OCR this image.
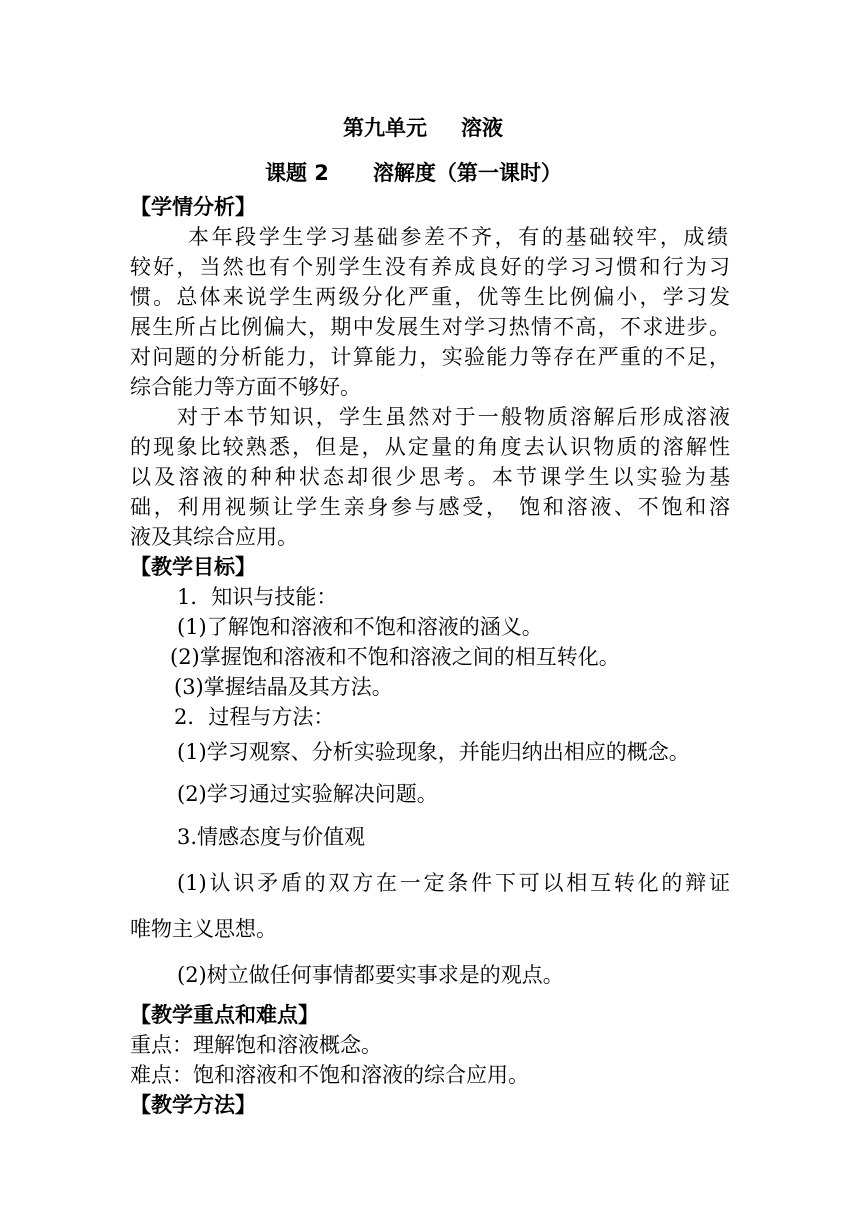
第九单元 溶液
课题 2 溶解度（第一课时）
【学情分析】
本年段学生学习基础参差不齐，有的基础较牢，成绩
较好，当然也有个别学生没有养成良好的学习习惯和行为习
惯。总体来说学生两级分化严重，优等生比例偏小，学习发
展生所占比例偏大，期中发展生对学习热情不高，不求进步。
对问题的分析能力，计算能力，实验能力等存在严重的不足，
综合能力等方面不够好。
对于本节知识，学生虽然对于一般物质溶解后形成溶液
的现象比较熟悉，但是，从定量的角度去认识物质的溶解性
以及溶液的种种状态却很少思考。本节课学生以实验为基
础，利用视频让学生亲身参与感受， 饱和溶液、不饱和溶
液及其综合应用。
【教学目标】
1．知识与技能：
(1)了解饱和溶液和不饱和溶液的涵义。
(2)掌握饱和溶液和不饱和溶液之间的相互转化。
(3)掌握结晶及其方法。
2．过程与方法：
(1)学习观察、分析实验现象，并能归纳出相应的概念。
(2)学习通过实验解决问题。
3.情感态度与价值观
(1)认识矛盾的双方在一定条件下可以相互转化的辩证
唯物主义思想。
(2)树立做任何事情都要实事求是的观点。
【教学重点和难点】
重点：理解饱和溶液概念。
难点：饱和溶液和不饱和溶液的综合应用。
【教学方法】
